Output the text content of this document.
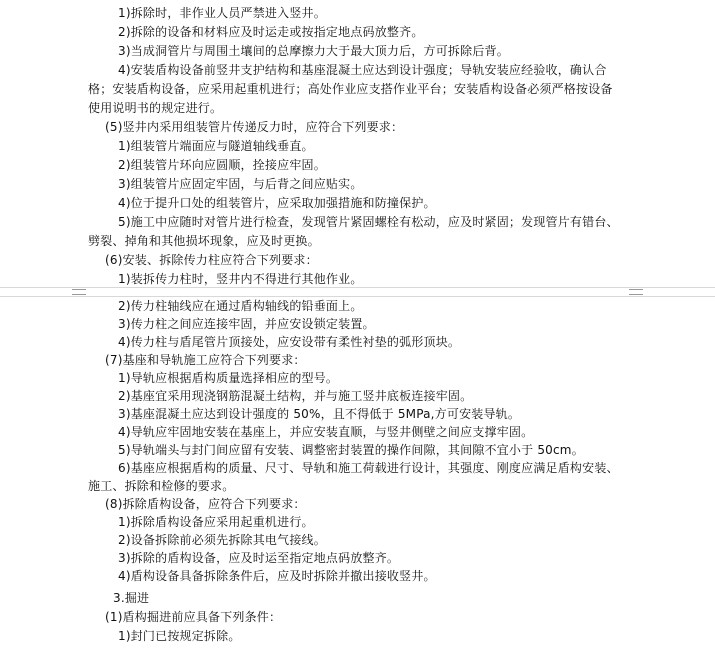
1)拆除时，非作业人员严禁进入竖井。
2)拆除的设备和材料应及时运走或按指定地点码放整齐。
3)当成洞管片与周围土壤间的总摩擦力大于最大顶力后，方可拆除后背。
4)安装盾构设备前竖井支护结构和基座混凝土应达到设计强度；导轨安装应经验收，确认合
格；安装盾构设备，应采用起重机进行；高处作业应支搭作业平台；安装盾构设备必须严格按设备
使用说明书的规定进行。
(5)竖井内采用组装管片传递反力时，应符合下列要求：
1)组装管片端面应与隧道轴线垂直。
2)组装管片环向应圆顺，拴接应牢固。
3)组装管片应固定牢固，与后背之间应贴实。
4)位于提升口处的组装管片，应采取加强措施和防撞保护。
5)施工中应随时对管片进行检查，发现管片紧固螺栓有松动，应及时紧固；发现管片有错台、
劈裂、掉角和其他损坏现象，应及时更换。
(6)安装、拆除传力柱应符合下列要求：
1)装拆传力柱时，竖井内不得进行其他作业。
2)传力柱轴线应在通过盾构轴线的铅垂面上。
3)传力柱之间应连接牢固，并应安设锁定装置。
4)传力柱与盾尾管片顶接处，应安设带有柔性衬垫的弧形顶块。
(7)基座和导轨施工应符合下列要求：
1)导轨应根据盾构质量选择相应的型号。
2)基座宜采用现浇钢筋混凝土结构，并与施工竖井底板连接牢固。
3)基座混凝土应达到设计强度的 50%，且不得低于 5MPa,方可安装导轨。
4)导轨应牢固地安装在基座上，并应安装直顺，与竖井侧壁之间应支撑牢固。
5)导轨端头与封门间应留有安装、调整密封装置的操作间隙，其间隙不宜小于 50cm。
6)基座应根据盾构的质量、尺寸、导轨和施工荷载进行设计，其强度、刚度应满足盾构安装、
施工、拆除和检修的要求。
(8)拆除盾构设备，应符合下列要求：
1)拆除盾构设备应采用起重机进行。
2)设备拆除前必须先拆除其电气接线。
3)拆除的盾构设备，应及时运至指定地点码放整齐。
4)盾构设备具备拆除条件后，应及时拆除并撤出接收竖井。
3.掘进
(1)盾构掘进前应具备下列条件：
1)封门已按规定拆除。
